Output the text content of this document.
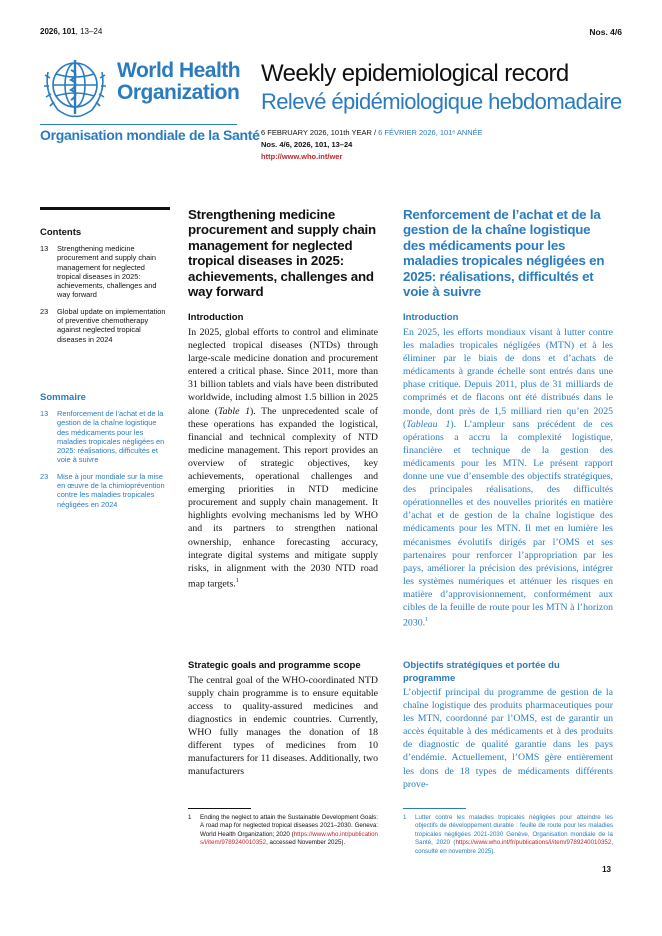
2026, 101, 13–24	Nos. 4/6
World Health
Organization
Organisation mondiale de la Santé
Weekly epidemiological record
Relevé épidémiologique hebdomadaire
6 FEBRUARY 2026, 101th YEAR / 6 FÉVRIER 2026, 101ᵉ ANNÉE
Nos. 4/6, 2026, 101, 13–24
http://www.who.int/wer
Contents
13	Strengthening medicine procurement and supply chain management for neglected tropical diseases in 2025: achievements, challenges and way forward
23	Global update on implementation of preventive chemotherapy against neglected tropical diseases in 2024
Sommaire
13	Renforcement de l’achat et de la gestion de la chaîne logistique des médicaments pour les maladies tropicales négligées en 2025: réalisations, difficultés et voie à suivre
23	Mise à jour mondiale sur la mise en œuvre de la chimioprévention contre les maladies tropicales négligées en 2024
Strengthening medicine procurement and supply chain management for neglected tropical diseases in 2025: achievements, challenges and way forward
Introduction

In 2025, global efforts to control and eliminate neglected tropical diseases (NTDs) through large-scale medicine donation and procurement entered a critical phase. Since 2011, more than 31 billion tablets and vials have been distributed worldwide, including almost 1.5 billion in 2025 alone (Table 1). The unprecedented scale of these operations has expanded the logistical, financial and technical complexity of NTD medicine management. This report provides an overview of strategic objectives, key achievements, operational challenges and emerging priorities in NTD medicine procurement and supply chain management. It highlights evolving mechanisms led by WHO and its partners to strengthen national ownership, enhance forecasting accuracy, integrate digital systems and mitigate supply risks, in alignment with the 2030 NTD road map targets.$^1$

Strategic goals and programme scope

The central goal of the WHO-coordinated NTD supply chain programme is to ensure equitable access to quality-assured medicines and diagnostics in endemic countries. Currently, WHO fully manages the donation of 18 different types of medicines from 10 manufacturers for 11 diseases. Additionally, two manufacturers

1	Ending the neglect to attain the Sustainable Development Goals: A road map for neglected tropical diseases 2021–2030. Geneva: World Health Organization; 2020 (https://www.who.int/publications/i/item/9789240010352, accessed November 2025).
Renforcement de l’achat et de la gestion de la chaîne logistique des médicaments pour les maladies tropicales négligées en 2025: réalisations, difficultés et voie à suivre
Introduction

En 2025, les efforts mondiaux visant à lutter contre les maladies tropicales négligées (MTN) et à les éliminer par le biais de dons et d’achats de médicaments à grande échelle sont entrés dans une phase critique. Depuis 2011, plus de 31 milliards de comprimés et de flacons ont été distribués dans le monde, dont près de 1,5 milliard rien qu’en 2025 (Tableau 1). L’ampleur sans précédent de ces opérations a accru la complexité logistique, financière et technique de la gestion des médicaments pour les MTN. Le présent rapport donne une vue d’ensemble des objectifs stratégiques, des principales réalisations, des difficultés opérationnelles et des nouvelles priorités en matière d’achat et de gestion de la chaîne logistique des médicaments pour les MTN. Il met en lumière les mécanismes évolutifs dirigés par l’OMS et ses partenaires pour renforcer l’appropriation par les pays, améliorer la précision des prévisions, intégrer les systèmes numériques et atténuer les risques en matière d’approvisionnement, conformément aux cibles de la feuille de route pour les MTN à l’horizon 2030.$^1$

Objectifs stratégiques et portée du programme

L’objectif principal du programme de gestion de la chaîne logistique des produits pharmaceutiques pour les MTN, coordonné par l’OMS, est de garantir un accès équitable à des médicaments et à des produits de diagnostic de qualité garantie dans les pays d’endémie. Actuellement, l’OMS gère entièrement les dons de 18 types de médicaments différents prove-

1	Lutter contre les maladies tropicales négligées pour atteindre les objectifs de développement durable : feuille de route pour les maladies tropicales négligées 2021-2030 Genève, Organisation mondiale de la Santé, 2020 (https://www.who.int/fr/publications/i/item/9789240010352, consulté en novembre 2025).
13
